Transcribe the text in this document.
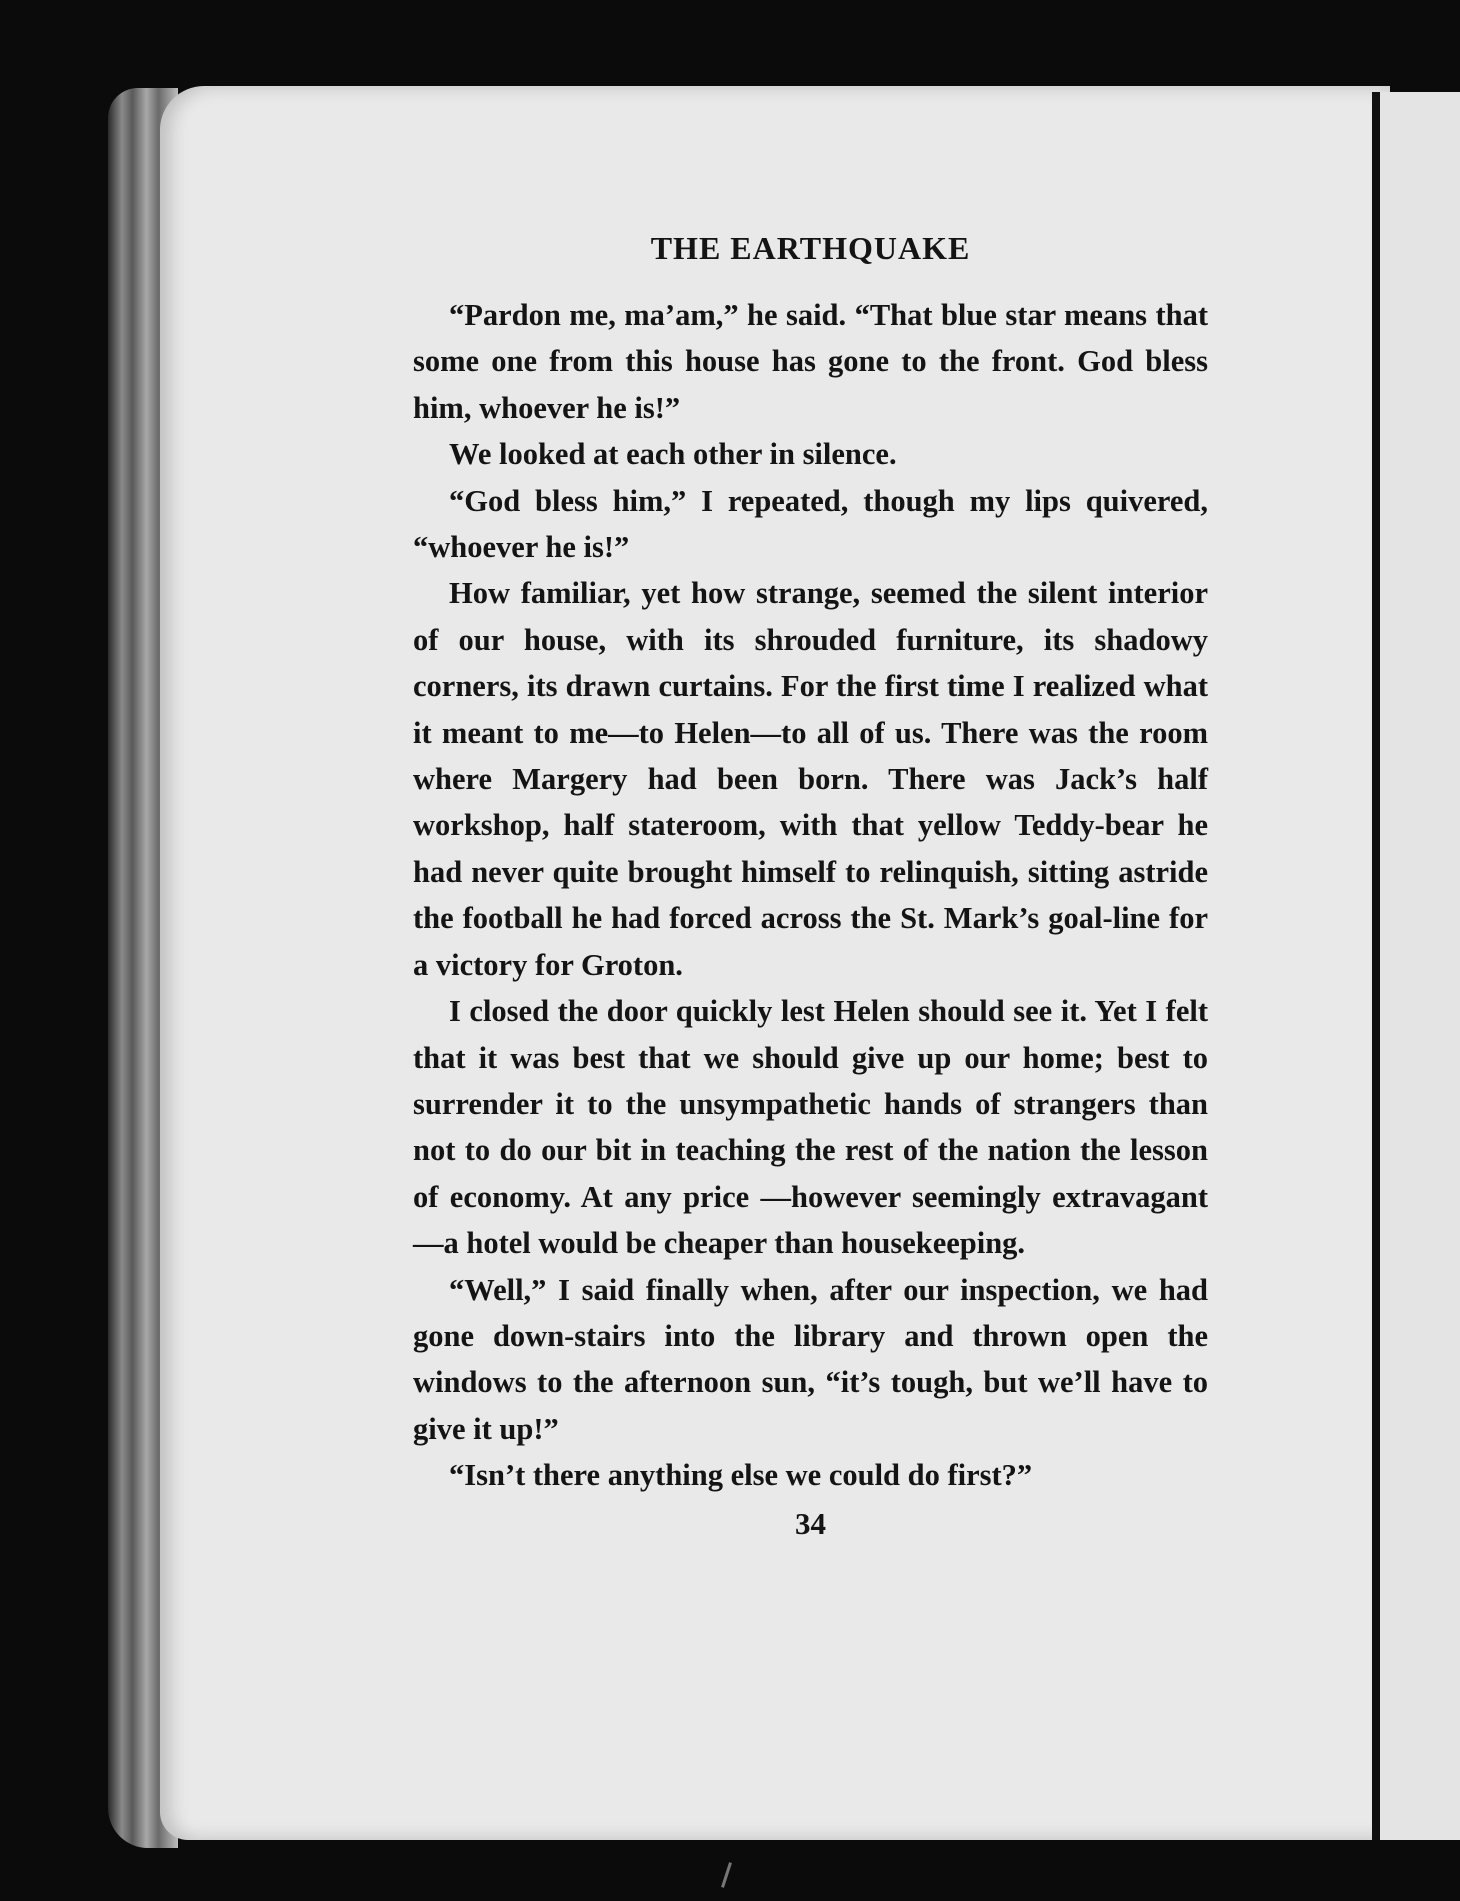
THE EARTHQUAKE

“Pardon me, ma’am,” he said. “That blue star means that some one from this house has gone to the front. God bless him, whoever he is!”

We looked at each other in silence.

“God bless him,” I repeated, though my lips quivered, “whoever he is!”

How familiar, yet how strange, seemed the silent interior of our house, with its shrouded furniture, its shadowy corners, its drawn curtains. For the first time I realized what it meant to me—to Helen—to all of us. There was the room where Margery had been born. There was Jack’s half workshop, half stateroom, with that yellow Teddy-bear he had never quite brought himself to relinquish, sitting astride the football he had forced across the St. Mark’s goal-line for a victory for Groton.

I closed the door quickly lest Helen should see it. Yet I felt that it was best that we should give up our home; best to surrender it to the unsympathetic hands of strangers than not to do our bit in teaching the rest of the nation the lesson of economy. At any price —however seemingly extravagant—a hotel would be cheaper than housekeeping.

“Well,” I said finally when, after our inspection, we had gone down-stairs into the library and thrown open the windows to the afternoon sun, “it’s tough, but we’ll have to give it up!”

“Isn’t there anything else we could do first?”

34
